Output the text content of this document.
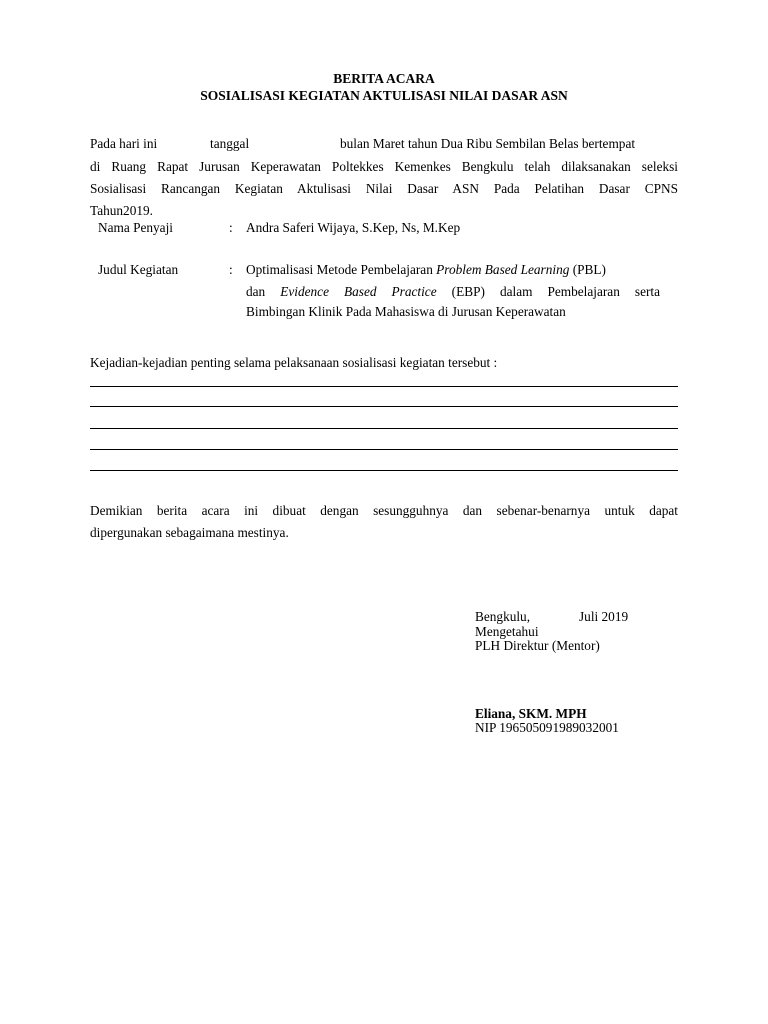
BERITA ACARA
SOSIALISASI KEGIATAN AKTULISASI NILAI DASAR ASN
Pada hari ini	tanggal	bulan Maret tahun Dua Ribu Sembilan Belas bertempat
di Ruang Rapat Jurusan Keperawatan Poltekkes Kemenkes Bengkulu telah dilaksanakan seleksi
Sosialisasi Rancangan Kegiatan Aktulisasi Nilai Dasar ASN Pada Pelatihan Dasar CPNS
Tahun2019.
Nama Penyaji	: Andra Saferi Wijaya, S.Kep, Ns, M.Kep
Judul Kegiatan	: Optimalisasi Metode Pembelajaran Problem Based Learning (PBL)
dan Evidence Based Practice (EBP) dalam Pembelajaran serta
Bimbingan Klinik Pada Mahasiswa di Jurusan Keperawatan
Kejadian-kejadian penting selama pelaksanaan sosialisasi kegiatan tersebut :
Demikian berita acara ini dibuat dengan sesungguhnya dan sebenar-benarnya untuk dapat
dipergunakan sebagaimana mestinya.
Bengkulu,	Juli 2019
Mengetahui
PLH Direktur (Mentor)
Eliana, SKM. MPH
NIP 196505091989032001
